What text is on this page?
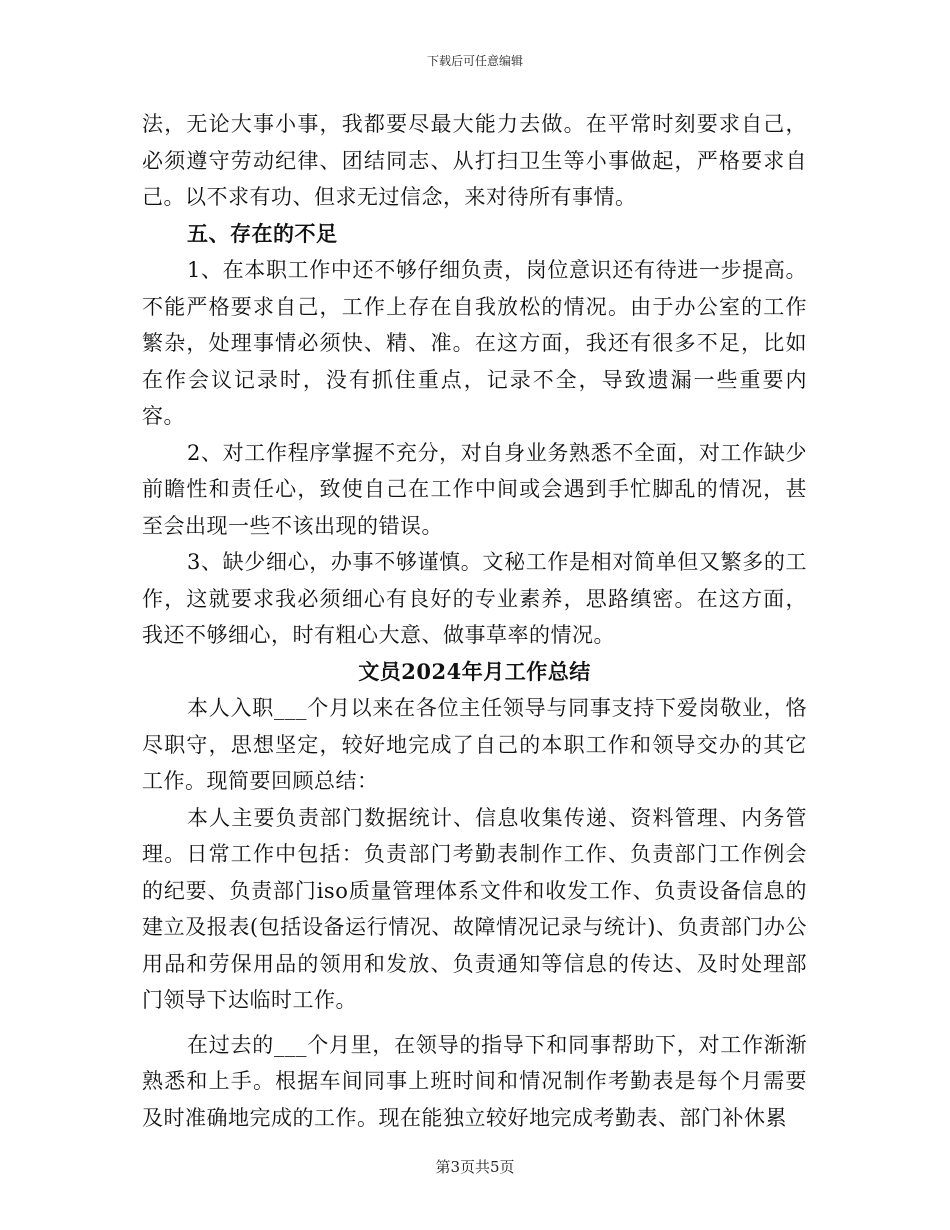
下载后可任意编辑

法，无论大事小事，我都要尽最大能力去做。在平常时刻要求自己，必须遵守劳动纪律、团结同志、从打扫卫生等小事做起，严格要求自己。以不求有功、但求无过信念，来对待所有事情。

五、存在的不足

1、在本职工作中还不够仔细负责，岗位意识还有待进一步提高。不能严格要求自己，工作上存在自我放松的情况。由于办公室的工作繁杂，处理事情必须快、精、准。在这方面，我还有很多不足，比如在作会议记录时，没有抓住重点，记录不全，导致遗漏一些重要内容。

2、对工作程序掌握不充分，对自身业务熟悉不全面，对工作缺少前瞻性和责任心，致使自己在工作中间或会遇到手忙脚乱的情况，甚至会出现一些不该出现的错误。

3、缺少细心，办事不够谨慎。文秘工作是相对简单但又繁多的工作，这就要求我必须细心有良好的专业素养，思路缜密。在这方面，我还不够细心，时有粗心大意、做事草率的情况。

文员2024年月工作总结

本人入职___个月以来在各位主任领导与同事支持下爱岗敬业，恪尽职守，思想坚定，较好地完成了自己的本职工作和领导交办的其它工作。现简要回顾总结：

本人主要负责部门数据统计、信息收集传递、资料管理、内务管理。日常工作中包括：负责部门考勤表制作工作、负责部门工作例会的纪要、负责部门iso质量管理体系文件和收发工作、负责设备信息的建立及报表(包括设备运行情况、故障情况记录与统计)、负责部门办公用品和劳保用品的领用和发放、负责通知等信息的传达、及时处理部门领导下达临时工作。

在过去的___个月里，在领导的指导下和同事帮助下，对工作渐渐熟悉和上手。根据车间同事上班时间和情况制作考勤表是每个月需要及时准确地完成的工作。现在能独立较好地完成考勤表、部门补休累

第3页共5页
